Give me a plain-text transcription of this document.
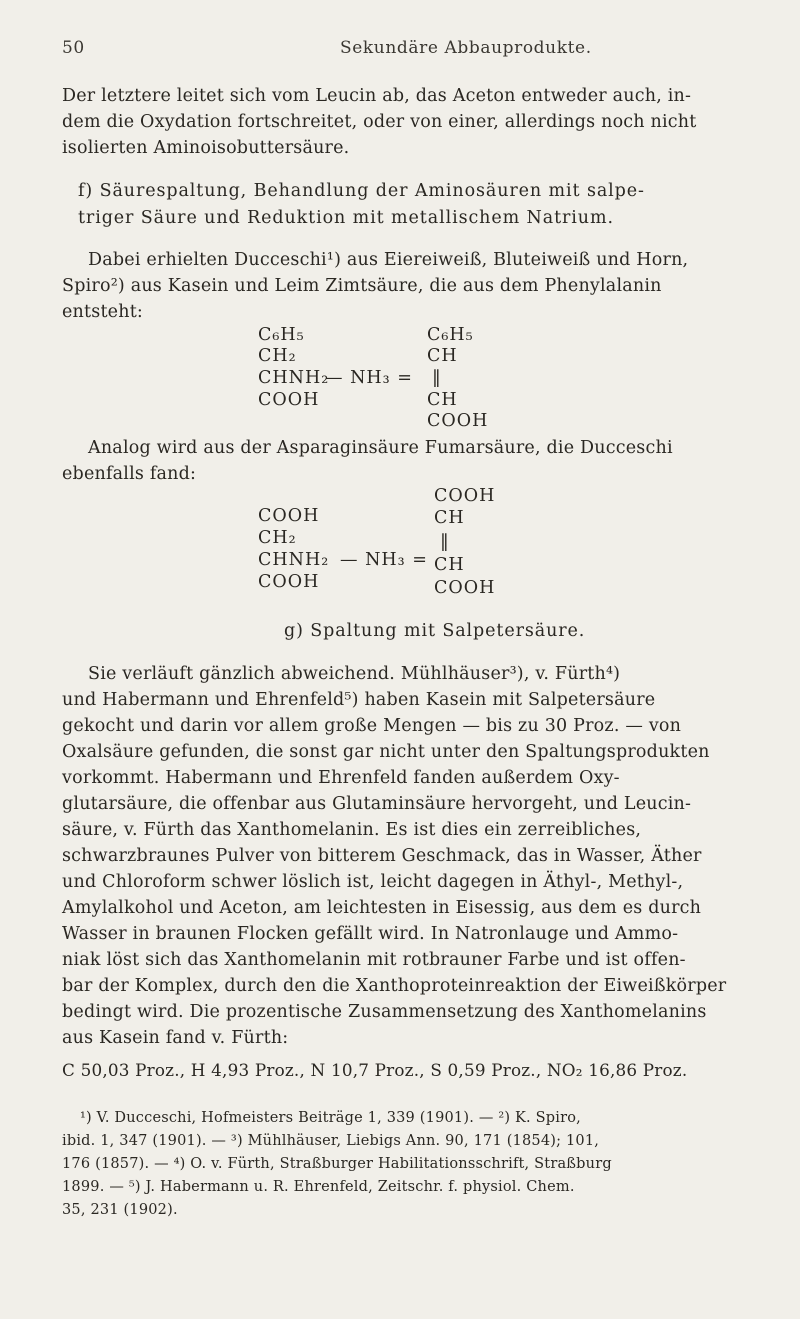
50	Sekundäre Abbauprodukte.
Der letztere leitet sich vom Leucin ab, das Aceton entweder auch, in-
dem die Oxydation fortschreitet, oder von einer, allerdings noch nicht
isolierten Aminoisobuttersäure.
f) Säurespaltung, Behandlung der Aminosäuren mit salpe-
triger Säure und Reduktion mit metallischem Natrium.
Dabei erhielten Ducceschi¹) aus Eiereiweiß, Bluteiweiß und Horn,
Spiro²) aus Kasein und Leim Zimtsäure, die aus dem Phenylalanin
entsteht:
C₆H₅
CH₂
CHNH₂
COOH
— NH₃ =
C₆H₅
CH
‖
CH
COOH
Analog wird aus der Asparaginsäure Fumarsäure, die Ducceschi
ebenfalls fand:
COOH
CH₂
CHNH₂
COOH
— NH₃ =
COOH
CH
‖
CH
COOH
g) Spaltung mit Salpetersäure.
Sie verläuft gänzlich abweichend. Mühlhäuser³), v. Fürth⁴)
und Habermann und Ehrenfeld⁵) haben Kasein mit Salpetersäure
gekocht und darin vor allem große Mengen — bis zu 30 Proz. — von
Oxalsäure gefunden, die sonst gar nicht unter den Spaltungsprodukten
vorkommt. Habermann und Ehrenfeld fanden außerdem Oxy-
glutarsäure, die offenbar aus Glutaminsäure hervorgeht, und Leucin-
säure, v. Fürth das Xanthomelanin. Es ist dies ein zerreibliches,
schwarzbraunes Pulver von bitterem Geschmack, das in Wasser, Äther
und Chloroform schwer löslich ist, leicht dagegen in Äthyl-, Methyl-,
Amylalkohol und Aceton, am leichtesten in Eisessig, aus dem es durch
Wasser in braunen Flocken gefällt wird. In Natronlauge und Ammo-
niak löst sich das Xanthomelanin mit rotbrauner Farbe und ist offen-
bar der Komplex, durch den die Xanthoproteinreaktion der Eiweißkörper
bedingt wird. Die prozentische Zusammensetzung des Xanthomelanins
aus Kasein fand v. Fürth:
C 50,03 Proz., H 4,93 Proz., N 10,7 Proz., S 0,59 Proz., NO₂ 16,86 Proz.
¹) V. Ducceschi, Hofmeisters Beiträge 1, 339 (1901). — ²) K. Spiro,
ibid. 1, 347 (1901). — ³) Mühlhäuser, Liebigs Ann. 90, 171 (1854); 101,
176 (1857). — ⁴) O. v. Fürth, Straßburger Habilitationsschrift, Straßburg
1899. — ⁵) J. Habermann u. R. Ehrenfeld, Zeitschr. f. physiol. Chem.
35, 231 (1902).
